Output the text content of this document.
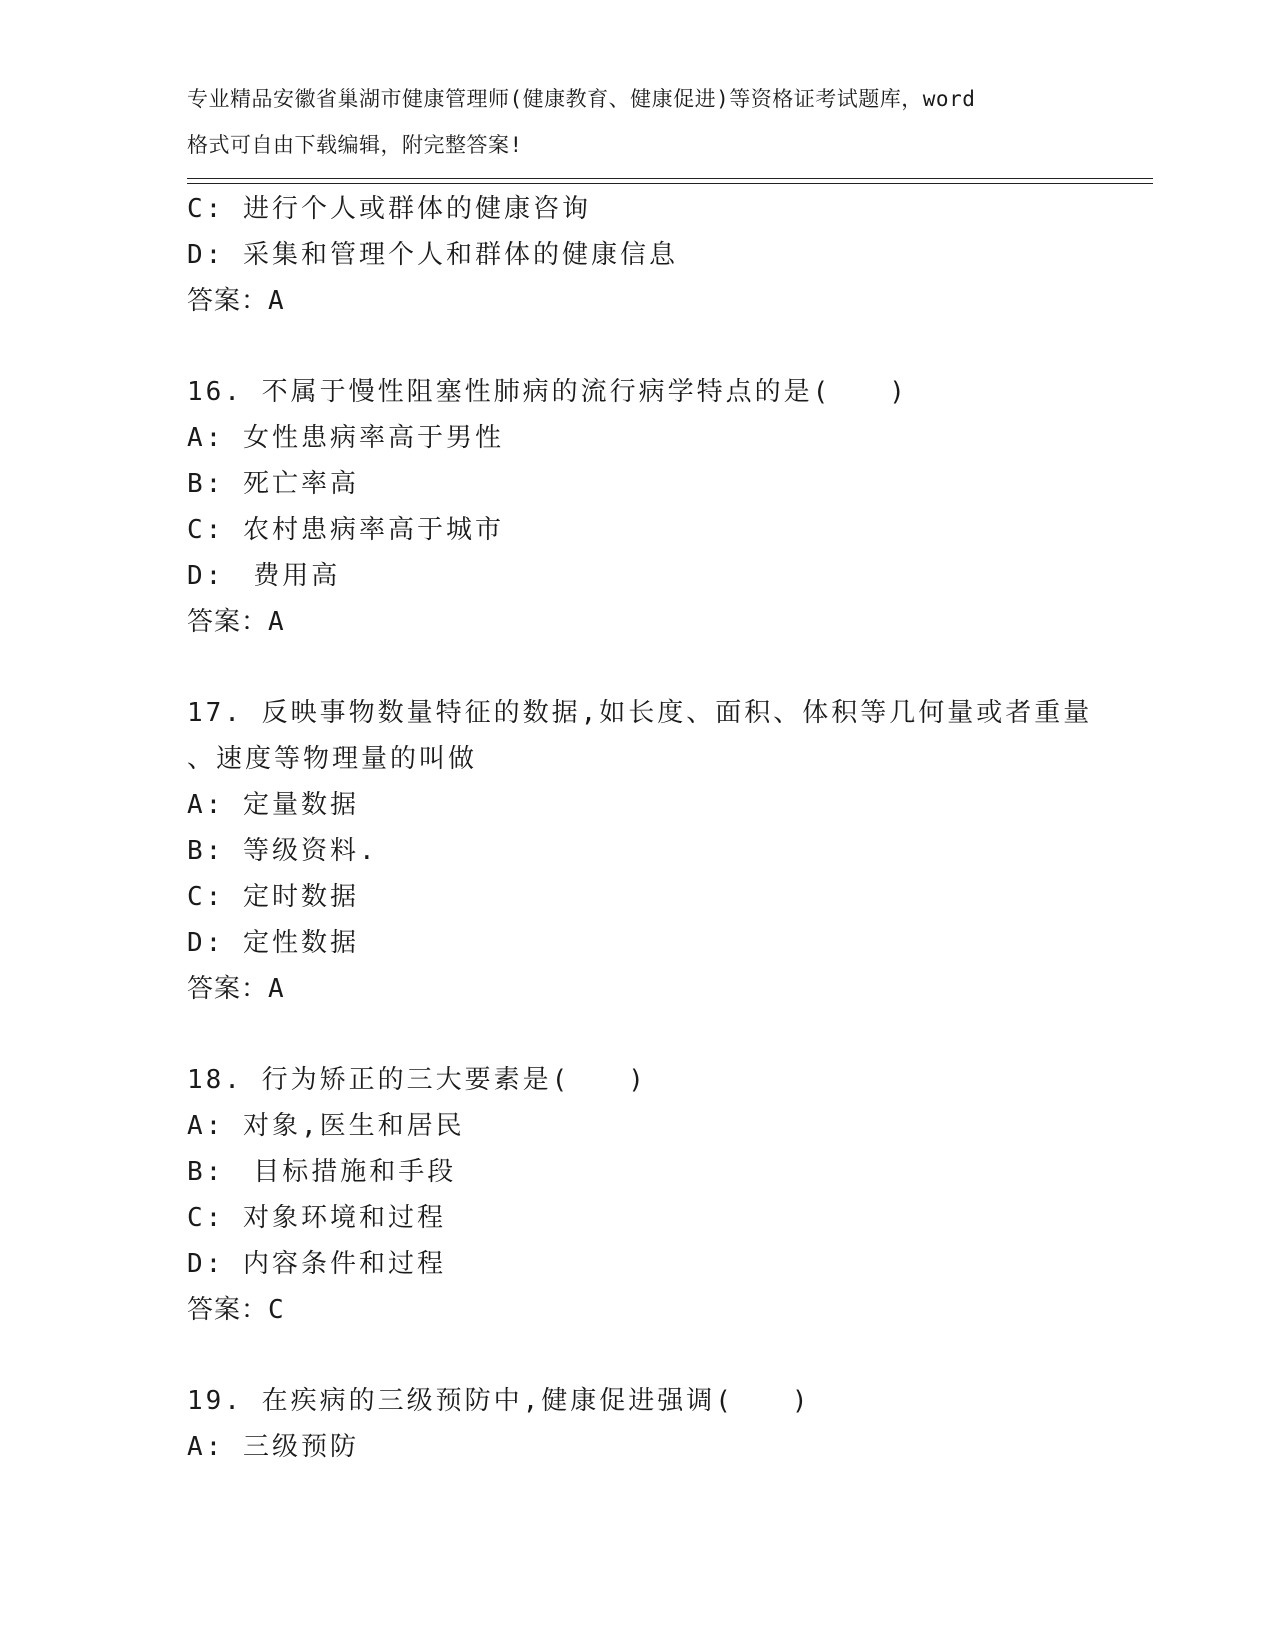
专业精品安徽省巢湖市健康管理师(健康教育、健康促进)等资格证考试题库，word
格式可自由下载编辑，附完整答案!
C: 进行个人或群体的健康咨询
D: 采集和管理个人和群体的健康信息
答案：A
16. 不属于慢性阻塞性肺病的流行病学特点的是(　　)
A: 女性患病率高于男性
B: 死亡率高
C: 农村患病率高于城市
D:　费用高
答案：A
17. 反映事物数量特征的数据,如长度、面积、体积等几何量或者重量
、速度等物理量的叫做
A: 定量数据
B: 等级资料.
C: 定时数据
D: 定性数据
答案：A
18. 行为矫正的三大要素是(　　)
A: 对象,医生和居民
B:　目标措施和手段
C: 对象环境和过程
D: 内容条件和过程
答案：C
19. 在疾病的三级预防中,健康促进强调(　　)
A: 三级预防
